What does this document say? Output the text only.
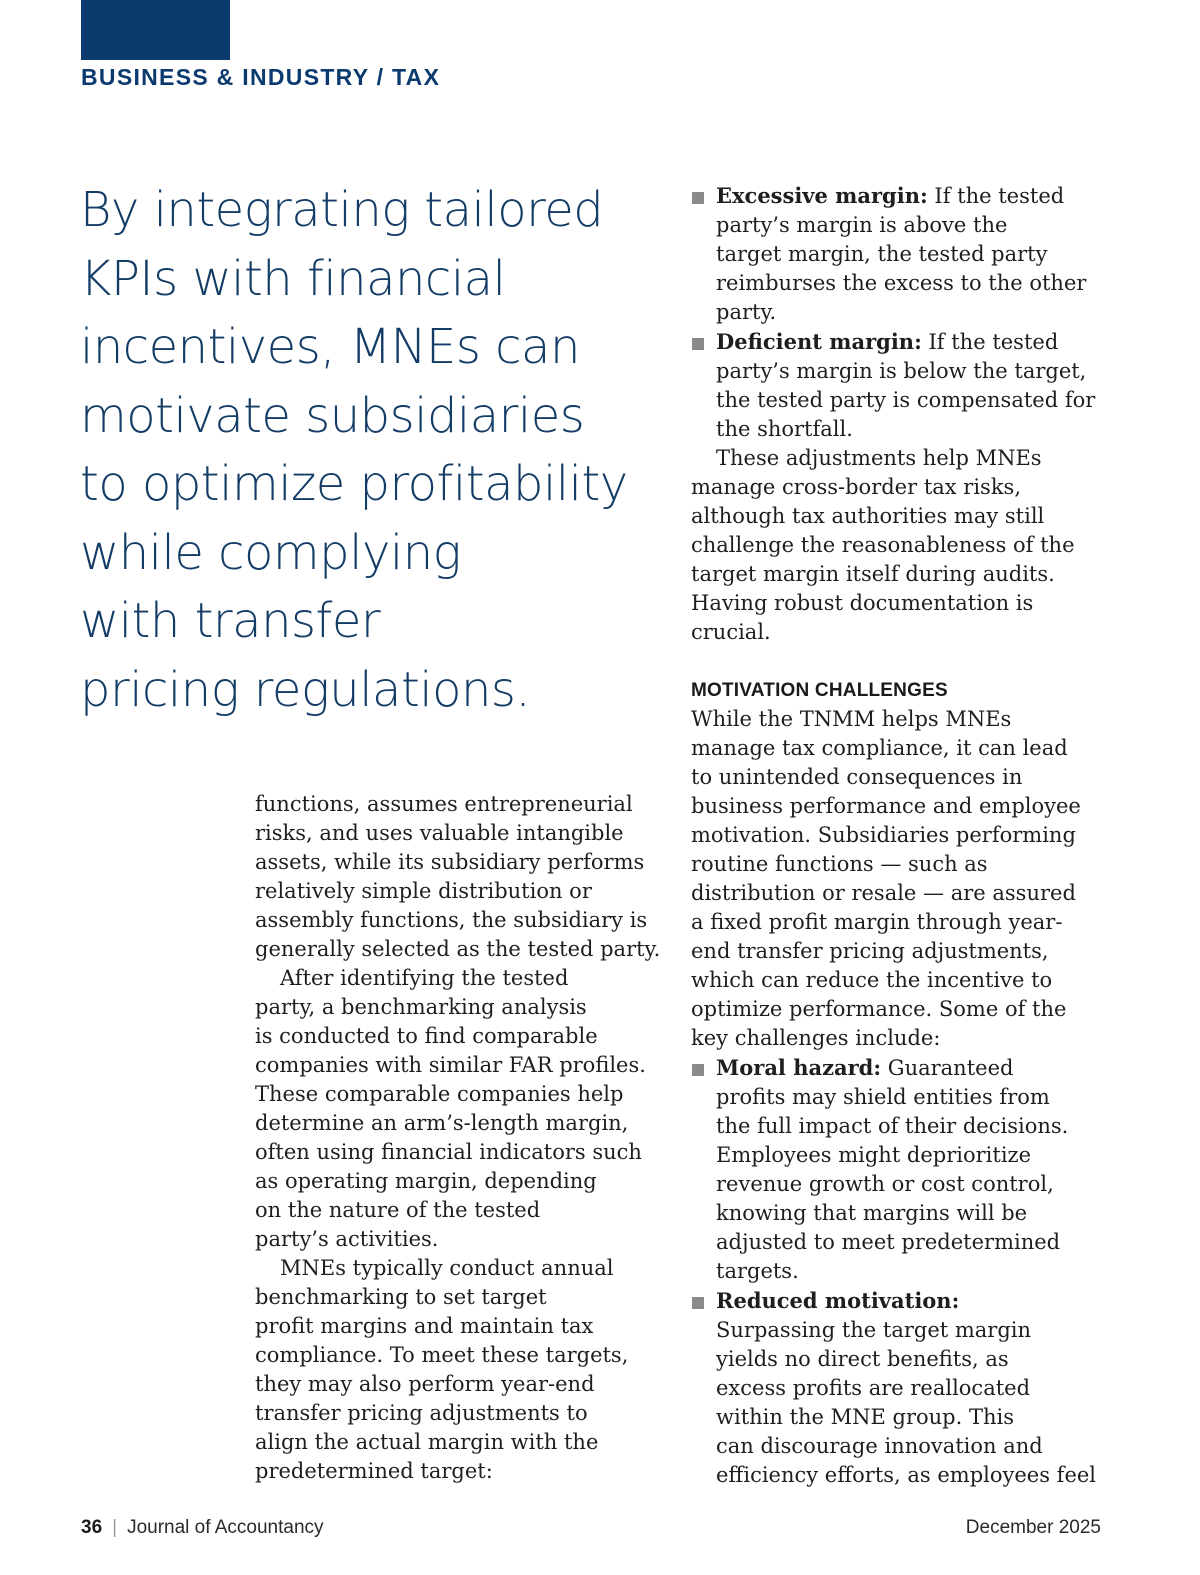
BUSINESS & INDUSTRY / TAX
By integrating tailored
KPIs with financial
incentives, MNEs can
motivate subsidiaries
to optimize profitability
while complying
with transfer
pricing regulations.
functions, assumes entrepreneurial
risks, and uses valuable intangible
assets, while its subsidiary performs
relatively simple distribution or
assembly functions, the subsidiary is
generally selected as the tested party.
After identifying the tested
party, a benchmarking analysis
is conducted to find comparable
companies with similar FAR profiles.
These comparable companies help
determine an arm’s-length margin,
often using financial indicators such
as operating margin, depending
on the nature of the tested
party’s activities.
MNEs typically conduct annual
benchmarking to set target
profit margins and maintain tax
compliance. To meet these targets,
they may also perform year-end
transfer pricing adjustments to
align the actual margin with the
predetermined target:
Excessive margin: If the tested
party’s margin is above the
target margin, the tested party
reimburses the excess to the other
party.
Deficient margin: If the tested
party’s margin is below the target,
the tested party is compensated for
the shortfall.
These adjustments help MNEs
manage cross-border tax risks,
although tax authorities may still
challenge the reasonableness of the
target margin itself during audits.
Having robust documentation is
crucial.
MOTIVATION CHALLENGES
While the TNMM helps MNEs
manage tax compliance, it can lead
to unintended consequences in
business performance and employee
motivation. Subsidiaries performing
routine functions — such as
distribution or resale — are assured
a fixed profit margin through year-
end transfer pricing adjustments,
which can reduce the incentive to
optimize performance. Some of the
key challenges include:
Moral hazard: Guaranteed
profits may shield entities from
the full impact of their decisions.
Employees might deprioritize
revenue growth or cost control,
knowing that margins will be
adjusted to meet predetermined
targets.
Reduced motivation:
Surpassing the target margin
yields no direct benefits, as
excess profits are reallocated
within the MNE group. This
can discourage innovation and
efficiency efforts, as employees feel
36 | Journal of Accountancy	December 2025
